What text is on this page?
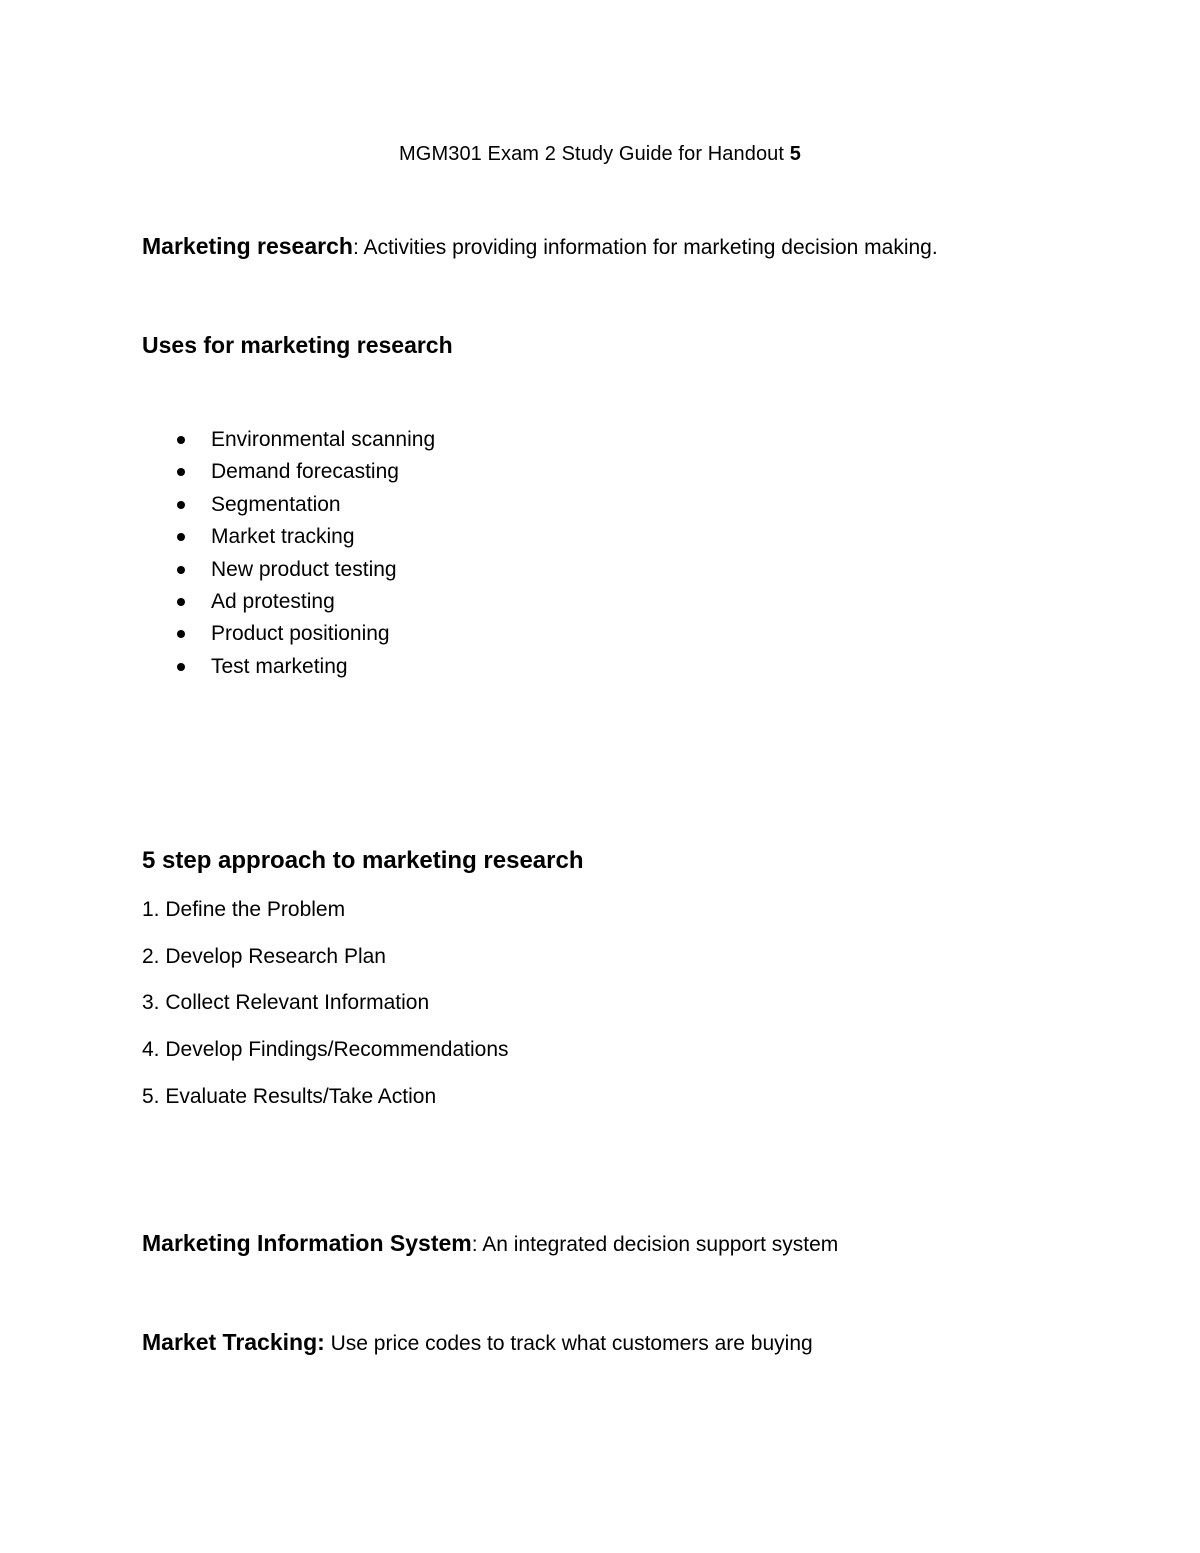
MGM301 Exam 2 Study Guide for Handout 5
Marketing research: Activities providing information for marketing decision making.
Uses for marketing research
Environmental scanning
Demand forecasting
Segmentation
Market tracking
New product testing
Ad protesting
Product positioning
Test marketing
5 step approach to marketing research
1. Define the Problem
2. Develop Research Plan
3. Collect Relevant Information
4. Develop Findings/Recommendations
5. Evaluate Results/Take Action
Marketing Information System: An integrated decision support system
Market Tracking: Use price codes to track what customers are buying
